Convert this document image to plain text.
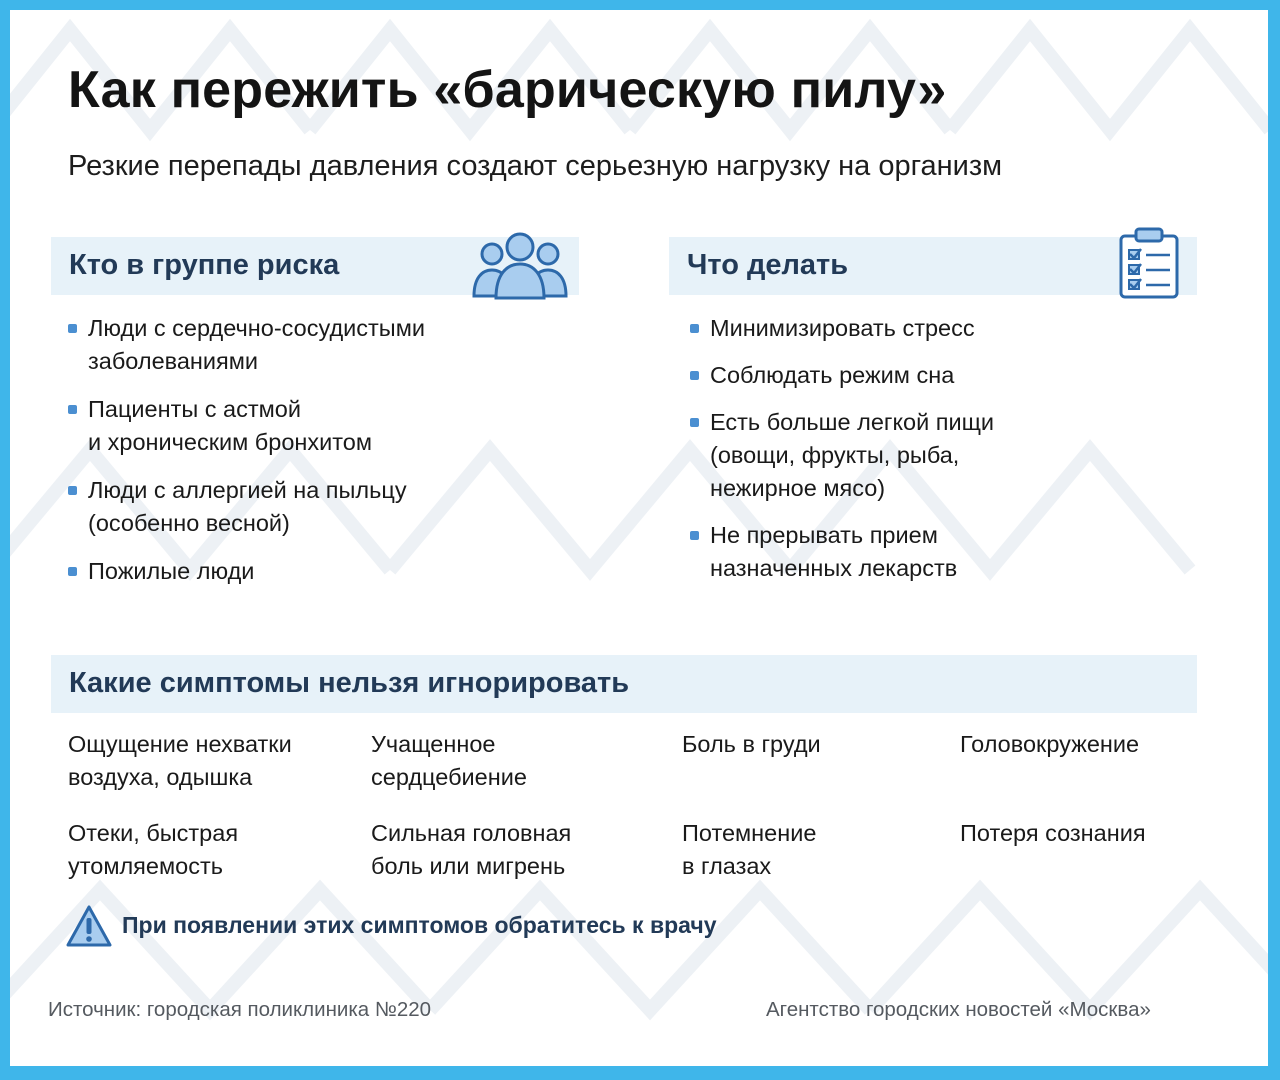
Как пережить «барическую пилу»

Резкие перепады давления создают серьезную нагрузку на организм

Кто в группе риска
Люди с сердечно-сосудистыми
заболеваниями
Пациенты с астмой
и хроническим бронхитом
Люди с аллергией на пыльцу
(особенно весной)
Пожилые люди
Что делать
Минимизировать стресс
Соблюдать режим сна
Есть больше легкой пищи
(овощи, фрукты, рыба,
нежирное мясо)
Не прерывать прием
назначенных лекарств
Какие симптомы нельзя игнорировать

Ощущение нехватки
воздуха, одышка

Учащенное
сердцебиение

Боль в груди	Головокружение

Отеки, быстрая
утомляемость

Сильная головная
боль или мигрень

Потемнение
в глазах

Потеря сознания

При появлении этих симптомов обратитесь к врачу

Источник: городская поликлиника №220	Агентство городских новостей «Москва»
